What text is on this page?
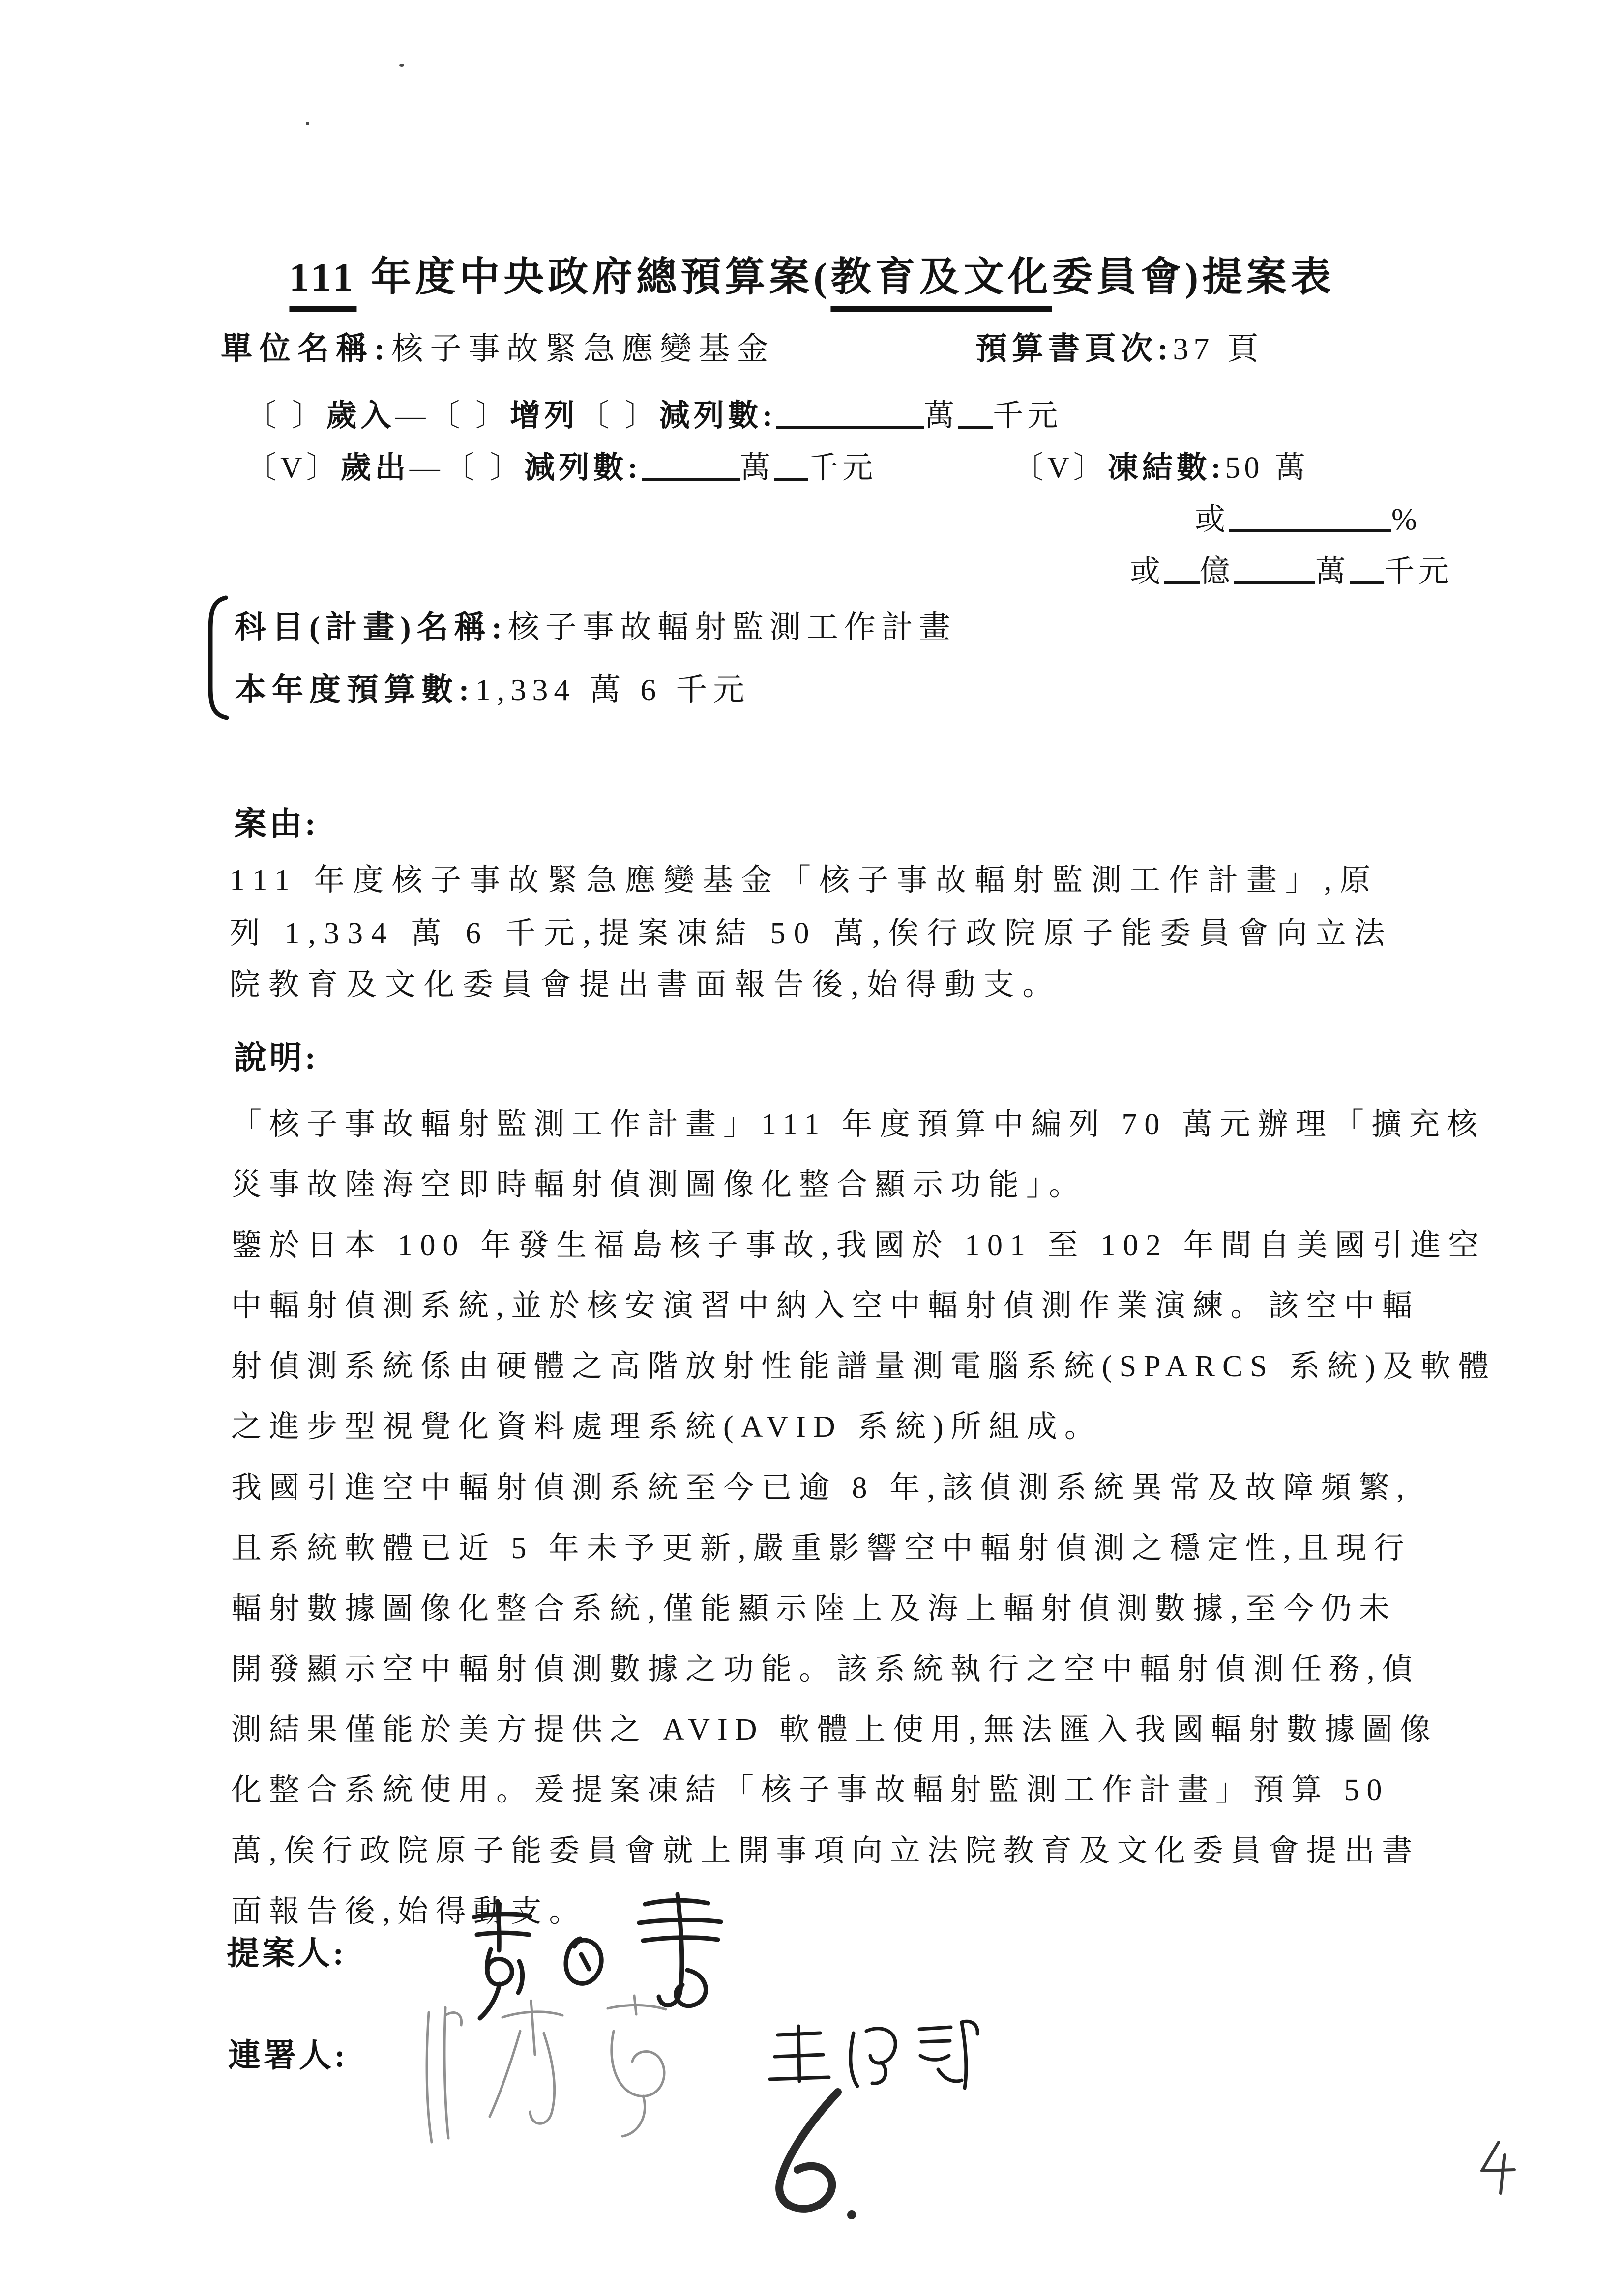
111 年度中央政府總預算案(教育及文化委員會)提案表
單位名稱:核子事故緊急應變基金	預算書頁次:37 頁
〔 〕歲入—〔 〕增列〔 〕減列數:	萬 千元
〔V〕歲出—〔 〕減列數:	萬 千元	〔V〕凍結數:50 萬
或	%
或 億	萬 千元
科目(計畫)名稱:核子事故輻射監測工作計畫
本年度預算數:1,334 萬 6 千元
案由:
111 年度核子事故緊急應變基金「核子事故輻射監測工作計畫」,原
列 1,334 萬 6 千元,提案凍結 50 萬,俟行政院原子能委員會向立法
院教育及文化委員會提出書面報告後,始得動支。
說明:
「核子事故輻射監測工作計畫」111 年度預算中編列 70 萬元辦理「擴充核
災事故陸海空即時輻射偵測圖像化整合顯示功能」。
鑒於日本 100 年發生福島核子事故,我國於 101 至 102 年間自美國引進空
中輻射偵測系統,並於核安演習中納入空中輻射偵測作業演練。該空中輻
射偵測系統係由硬體之高階放射性能譜量測電腦系統(SPARCS 系統)及軟體
之進步型視覺化資料處理系統(AVID 系統)所組成。
我國引進空中輻射偵測系統至今已逾 8 年,該偵測系統異常及故障頻繁,
且系統軟體已近 5 年未予更新,嚴重影響空中輻射偵測之穩定性,且現行
輻射數據圖像化整合系統,僅能顯示陸上及海上輻射偵測數據,至今仍未
開發顯示空中輻射偵測數據之功能。該系統執行之空中輻射偵測任務,偵
測結果僅能於美方提供之 AVID 軟體上使用,無法匯入我國輻射數據圖像
化整合系統使用。爰提案凍結「核子事故輻射監測工作計畫」預算 50
萬,俟行政院原子能委員會就上開事項向立法院教育及文化委員會提出書
面報告後,始得動支。
提案人:
連署人:
